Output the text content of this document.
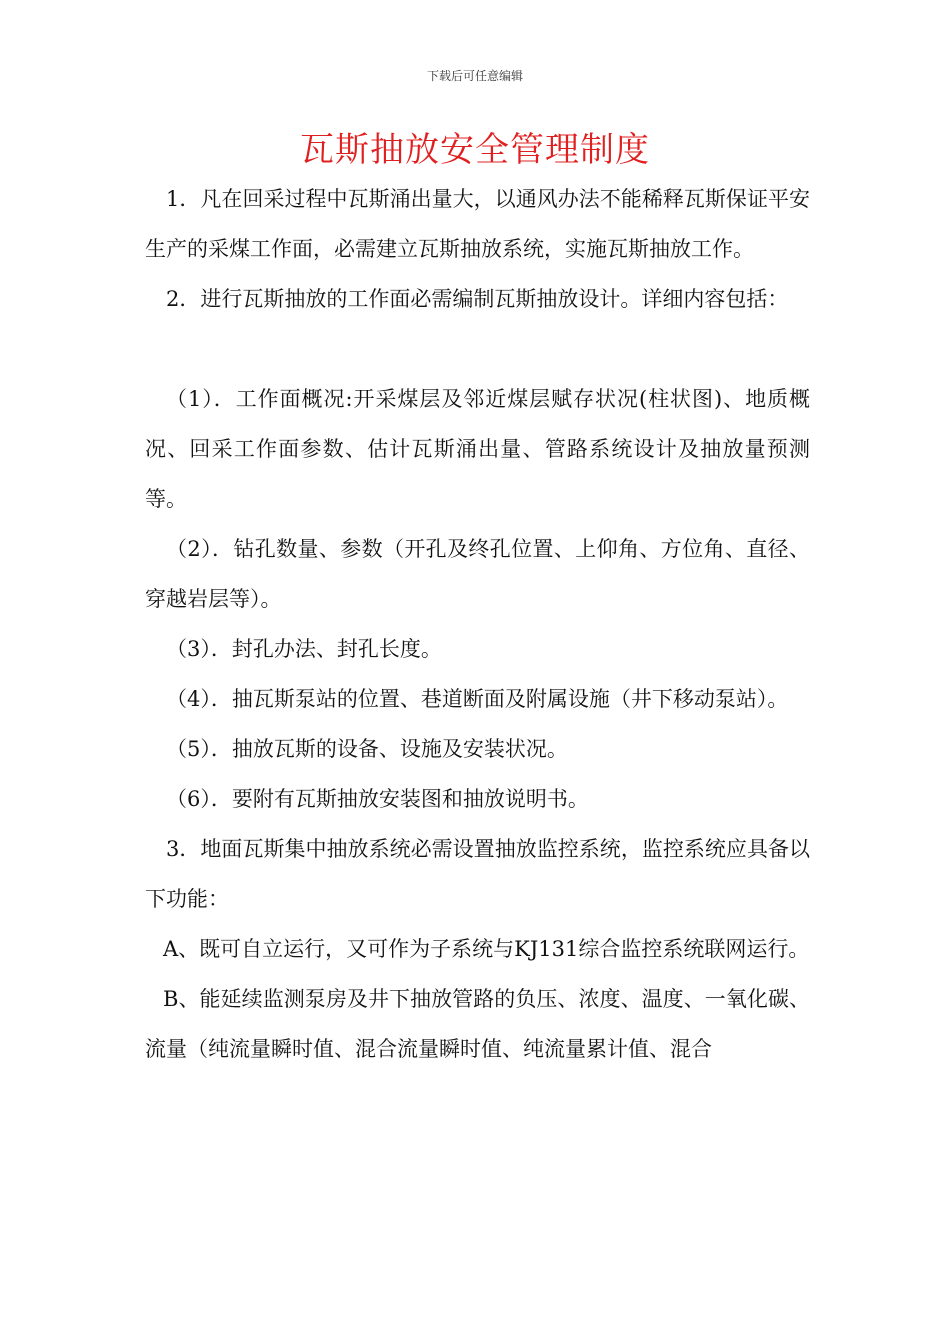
下载后可任意编辑
瓦斯抽放安全管理制度

1．凡在回采过程中瓦斯涌出量大，以通风办法不能稀释瓦斯保证平安生产的采煤工作面，必需建立瓦斯抽放系统，实施瓦斯抽放工作。

2．进行瓦斯抽放的工作面必需编制瓦斯抽放设计。详细内容包括：

（1）．工作面概况:开采煤层及邻近煤层赋存状况(柱状图)、地质概况、回采工作面参数、估计瓦斯涌出量、管路系统设计及抽放量预测等。

（2）．钻孔数量、参数（开孔及终孔位置、上仰角、方位角、直径、穿越岩层等）。

（3）．封孔办法、封孔长度。

（4）．抽瓦斯泵站的位置、巷道断面及附属设施（井下移动泵站）。

（5）．抽放瓦斯的设备、设施及安装状况。

（6）．要附有瓦斯抽放安装图和抽放说明书。

3．地面瓦斯集中抽放系统必需设置抽放监控系统，监控系统应具备以下功能：

A、既可自立运行，又可作为子系统与KJ131综合监控系统联网运行。

B、能延续监测泵房及井下抽放管路的负压、浓度、温度、一氧化碳、流量（纯流量瞬时值、混合流量瞬时值、纯流量累计值、混合
